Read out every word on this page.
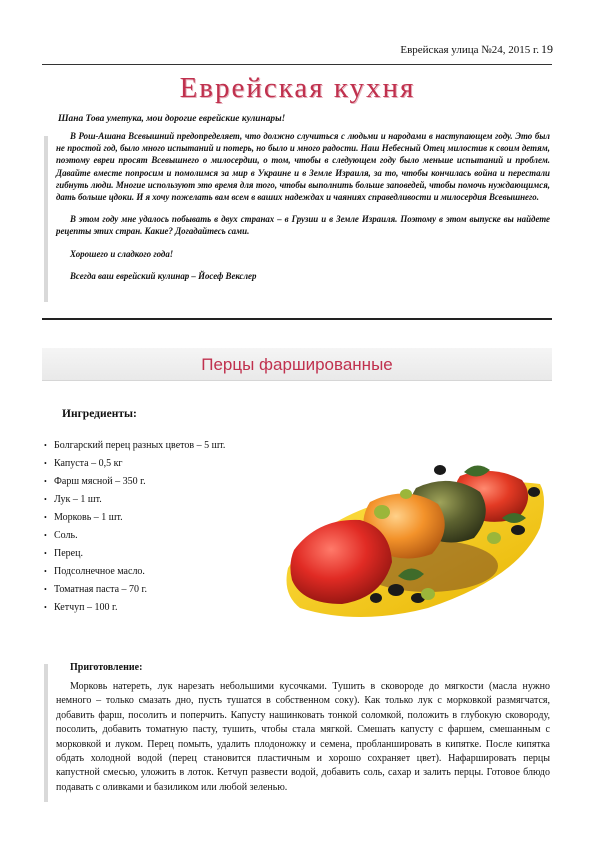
Еврейская улица №24, 2015 г. 19
Еврейская кухня
Шана Това уметука, мои дорогие еврейские кулинары!

В Рош-Ашана Всевышний предопределяет, что должно случиться с людьми и народами в наступающем году. Это был не простой год, было много испытаний и потерь, но было и много радости. Наш Небесный Отец милостив к своим детям, поэтому евреи просят Всевышнего о милосердии, о том, чтобы в следующем году было меньше испытаний и проблем. Давайте вместе попросим и помолимся за мир в Украине и в Земле Израиля, за то, чтобы кончилась война и перестали гибнуть люди. Многие используют это время для того, чтобы выполнить больше заповедей, чтобы помочь нуждающимся, дать больше цдоки. И я хочу пожелать вам всем в ваших надеждах и чаяниях справедливости и милосердия Всевышнего.

В этом году мне удалось побывать в двух странах – в Грузии и в Земле Израиля. Поэтому в этом выпуске вы найдете рецепты этих стран. Какие? Догадайтесь сами.

Хорошего и сладкого года!

Всегда ваш еврейский кулинар – Йосеф Векслер

Перцы фаршированные
Ингредиенты:
• Болгарский перец разных цветов – 5 шт.
• Капуста – 0,5 кг
• Фарш мясной – 350 г.
• Лук – 1 шт.
• Морковь – 1 шт.
• Соль.
• Перец.
• Подсолнечное масло.
• Томатная паста – 70 г.
• Кетчуп – 100 г.
Приготовление:

Морковь натереть, лук нарезать небольшими кусочками. Тушить в сковороде до мягкости (масла нужно немного – только смазать дно, пусть тушатся в собственном соку). Как только лук с морковкой размягчатся, добавить фарш, посолить и поперчить. Капусту нашинковать тонкой соломкой, положить в глубокую сковороду, посолить, добавить томатную пасту, тушить, чтобы стала мягкой. Смешать капусту с фаршем, смешанным с морковкой и луком. Перец помыть, удалить плодоножку и семена, пробланшировать в кипятке. После кипятка обдать холодной водой (перец становится пластичным и хорошо сохраняет цвет). Нафаршировать перцы капустной смесью, уложить в лоток. Кетчуп развести водой, добавить соль, сахар и залить перцы. Готовое блюдо подавать с оливками и базиликом или любой зеленью.
